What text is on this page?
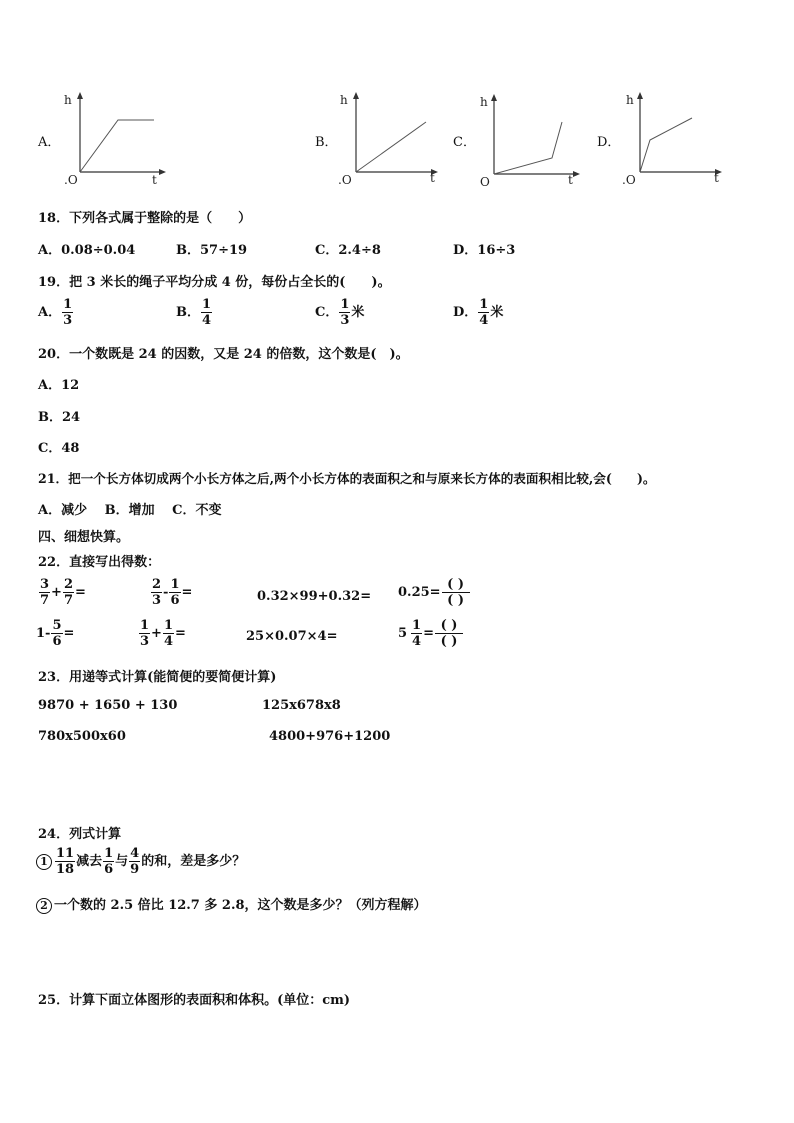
A．
h
t
.O
B．
h
t
.O
C．
h
t
O
D．
h
t
.O
18．下列各式属于整除的是（　　）
A．0.08÷0.04	B．57÷19	C．2.4÷8	D．16÷3
19．把 3 米长的绳子平均分成 4 份，每份占全长的(　　)。
A． $\frac{1}{3}$	B． $\frac{1}{4}$	C． $\frac{1}{3}$ 米	D． $\frac{1}{4}$ 米
20．一个数既是 24 的因数，又是 24 的倍数，这个数是(　)。
A．12
B．24
C．48
21．把一个长方体切成两个小长方体之后,两个小长方体的表面积之和与原来长方体的表面积相比较,会(　　)。
A．减少　 B．增加　 C．不变
四、细想快算。
22．直接写出得数：
$\frac{3}{7} + \frac{2}{7}$ =	$\frac{2}{3} - \frac{1}{6}$ =	$0.32\times 99+0.32= 0.25= \frac{( )}{( )}$
$1- \frac{5}{6}$ =	$\frac{1}{3} + \frac{1}{4}$ =	25×0.07×4=	$5 \frac{1}{4} = \frac{( )}{( )}$
23．用递等式计算(能简便的要简便计算)
9870 + 1650 + 130	125x678x8
780x500x60	4800+976+1200
24．列式计算
$1 \frac{11}{18}$ 减去 $\frac{1}{6}$ 与 $\frac{4}{9}$ 的和，差是多少？
2 一个数的 2.5 倍比 12.7 多 2.8，这个数是多少？（列方程解）
25．计算下面立体图形的表面积和体积。(单位：cm)
